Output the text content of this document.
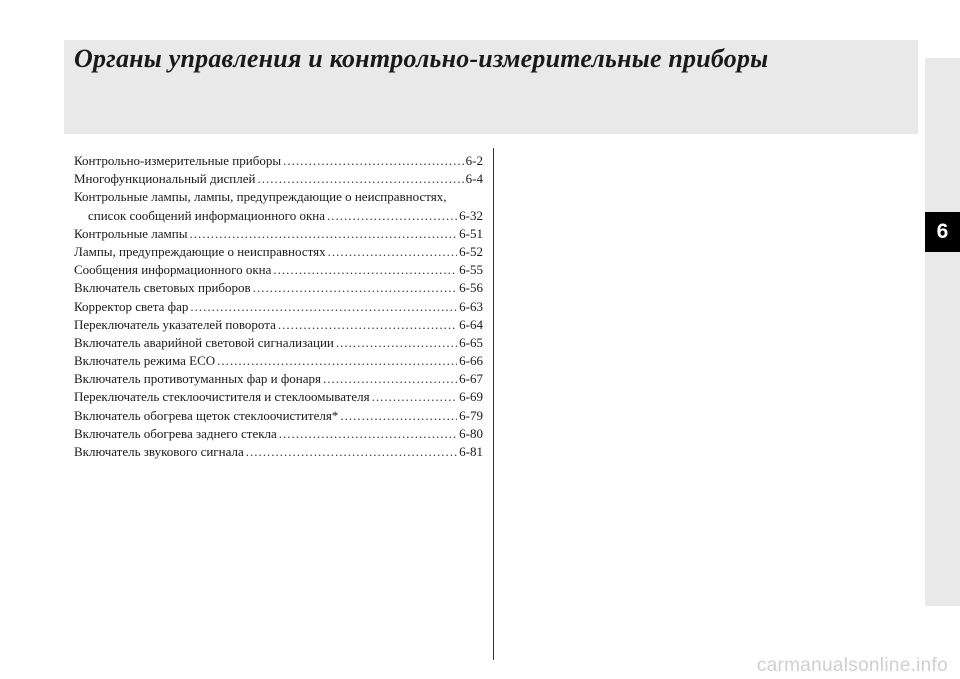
Органы управления и контрольно-измерительные приборы
6
Контрольно-измерительные приборы .....	6-2
Многофункциональный дисплей .....	6-4
Контрольные лампы, лампы, предупреждающие о неисправностях,
список сообщений информационного окна .....	6-32
Контрольные лампы .....	6-51
Лампы, предупреждающие о неисправностях .....	6-52
Сообщения информационного окна .....	6-55
Включатель световых приборов .....	6-56
Корректор света фар .....	6-63
Переключатель указателей поворота .....	6-64
Включатель аварийной световой сигнализации .....	6-65
Включатель режима ECO .....	6-66
Включатель противотуманных фар и фонаря .....	6-67
Переключатель стеклоочистителя и стеклоомывателя .....	6-69
Включатель обогрева щеток стеклоочистителя* .....	6-79
Включатель обогрева заднего стекла .....	6-80
Включатель звукового сигнала .....	6-81
carmanualsonline.info
